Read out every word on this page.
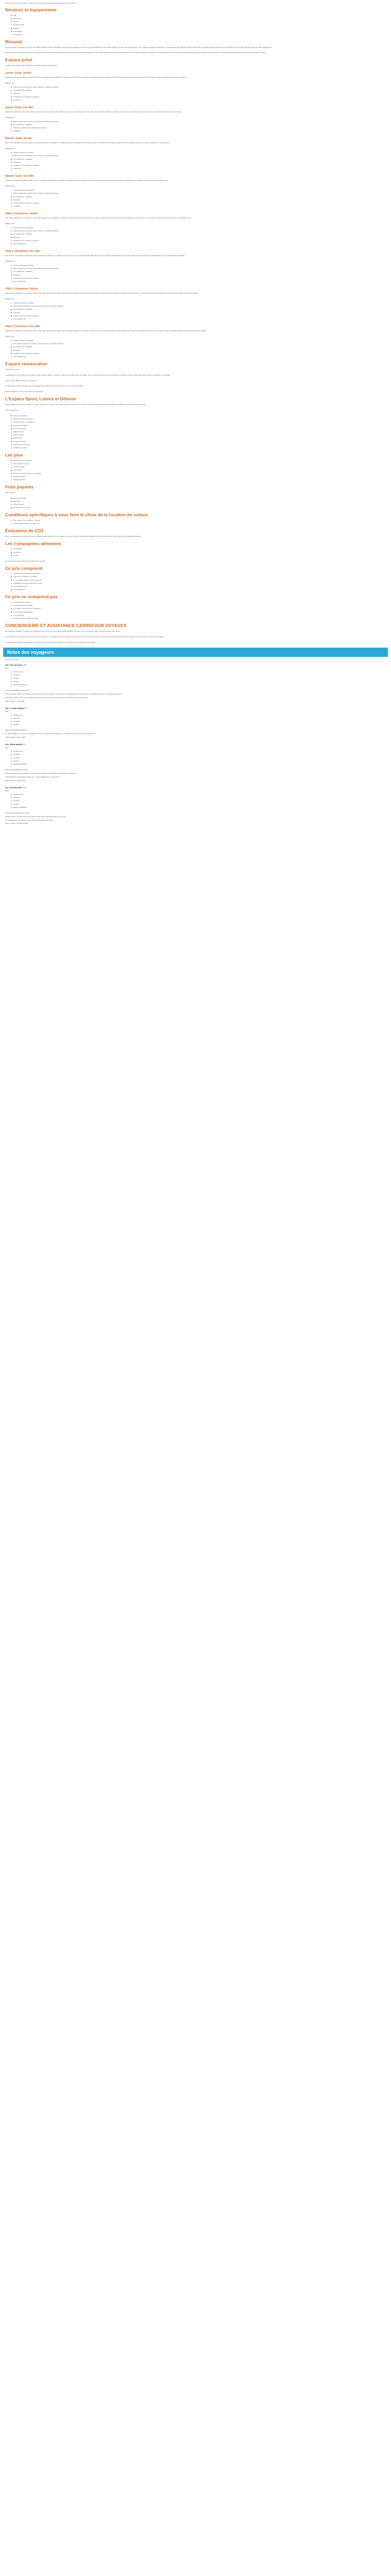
Description à la pour composé : Ce prix ne comprend pas Conciergerie Loge Carrefour des Il Soleil.

Services et équipements
Wifi
Restaurant
Piscine
Service de spa
Bateaux
Climatisation
Conciergerie
Résumé

Perché au cœur du superbe parc privé de la Baie d'Aranda, l'hôtel La Plantation jouit de la vue magnifique sur la mer et de l'authenticité. À son intimité relative à l'ombre des grands arbres, et les meilleures plages de Carrefour. L'aménagement des chambres et des suites offrent un espace simple, lumineux et un vrai confort pour de vraies vacances dans un cadre exceptionnel.

Perché au cœur du superbe parc privé de la Baie d'Aranda, l'hôtel La Plantation jouit de la vue sur la mer et de l'authenticité. À son intimité relative à l'ombre des grands arbres, et les meilleures plages de Carrefour. L'aménagement des chambres et des suites se distingue par un espace simple, lumineux et un cadre exceptionnel pour des vacances réussies en famille.

Espace privé

L'hôtel comprend 36 suites au total dont 12 Master Suites et 12 chambres.

Junior Suite Jardin

Spacieuse et lumineuse (45 m²), cette Junior Suite est parfaite pour 3 adultes et 1 enfant (-12 ans) avec son coin salon et sa grande terrasse ouverte sur le jardin tropical. Elle dispose d'un lit king size, d'une salle de bain avec baignoire et douche à l'italienne.

Équipements :

Salle de bain avec douche, sèche-cheveux et toilettes séparées
Air conditionné, ventilateur
Télévision
Coffre-fort, lits et planche à repasser
Canapé lit
Junior Suite Vue Mer

Idéalement située au cœur du parc (45 m²), cette Junior Suite vue Mer est parfaite pour une vue panoramique sur la mer. Elle peut accueillir 3 adultes et 1 enfant (-12 ans), elle est équipée d'un lit king size avec sa terrasse privative donnant sur la mer.

Équipements :

Salle de bain avec douche, sèche-cheveux et toilettes séparées
Air conditionné, ventilateur
Télévision, coffre-fort, lits et planche à repasser
Canapé lit
Master Suite Jardin

Avec 70 m² disposant d'un salon séparé, cette suite idéale pour 2 adultes et 2 enfants (-12 ans). Elle dispose d'une chambre avec un lit king size, d'un salon spacieux, et d'une terrasse ouverte sur le jardin tropical avec vue sur le parc.

Équipements :

Cuisine entièrement équipée
Salle de bain avec douche, sèche-cheveux et toilettes séparées
Air conditionné, ventilateur
Télévision
Coffre-fort, lits et planche à repasser
Canapé lit
Master Suite Vue Mer

Spacieuse et élégante, la Master Suite de 75 m² accueille confortablement 2 adultes et 2 enfants (-12 ans). Elle offre une vue panoramique sur la mer depuis sa terrasse privative. Elle est équipée d'un lit king size avec salle de bain.

Équipements :

Cuisine entièrement équipée
Salle de bain avec douche, sèche-cheveux et toilettes séparées
Air conditionné, ventilateur
Télévision
Coffre-fort, lits et planche à repasser
Canapé lit
Villa 2 Chambres Jardin

Avec 115 m² disposant de 2 chambres, cette villa est idéale pour 4 adultes et 2 enfants (-12 ans), grande terrasse ouverte sur le parc. La villa se compose d'une chambre principale avec lit king size, d'une deuxième chambre avec lits jumeaux et d'une salle de bain.

Équipements :

Cuisine entièrement équipée
Salle de bain avec douche, sèche-cheveux et toilettes séparées
Air conditionné, ventilateur
Télévision
Coffre-fort, lits et planche à repasser
Deux canapés lits
Villa 2 Chambres Vue Mer

Avec 115 m², cette villa de 2 chambres permet d'accueillir 4 adultes et 2 enfants (-12 ans) avec sa vue mer panoramique. Elle dispose d'une chambre principale avec lit king size, d'une seconde chambre avec lits jumeaux et d'une grande terrasse privative.

Équipements :

Cuisine entièrement équipée
Salle de bain avec douche, sèche-cheveux et toilettes séparées
Air conditionné, ventilateur
Télévision
Coffre-fort, lits et planche à repasser
Deux canapés lits
Villa 3 Chambres Jardin

Idéale pour les familles ou les groupes d'amis, cette Villa 3 Chambres de 155 m² peut accueillir 6 adultes et 2 enfants (-12 ans). Elle est composée d'une chambre principale avec lit king size, de deux chambres avec lits jumeaux et d'une grande terrasse ouverte sur le jardin.

Équipements :

Cuisine entièrement équipée
Trois salles de bains avec douche, sèche-cheveux et toilettes séparées
Air conditionné, ventilateur
Télévision
Coffre-fort, lits et planche à repasser
Trois canapés lits
Villa 3 Chambres Vue Mer

Idéale pour les familles ou les groupes d'amis, cette Villa 3 Chambres de 155 m² peut accueillir 6 adultes et 2 enfants (-12 ans) avec sa vue mer panoramique. Elle dispose d'une chambre principale avec lit king size, de deux chambres supplémentaires et d'une grande terrasse privative.

Équipements :

Cuisine entièrement équipée
Trois salles de bains avec douche, sèche-cheveux et toilettes séparées
Air conditionné, ventilateur
Télévision
Coffre-fort, lits et planche à repasser
Trois canapés lits
Espace restauration

"Restaurant Le Sud"

Le Restaurant Le Sud propose une cuisine créole moderne raffinée, mettant en valeur les produits frais et de qualité. Servi en terrasse avec une vue imprenable sur la baie, il offre un cadre idéal pour un dîner romantique ou en famille.

"Carte" "Midi" "Buffets" "Brunch" et "Snacks"

Le restaurant propose aussi des formules adaptées aux enfants ainsi qu'une sélection de vins du monde entier.

Ouvert à déjeuner et dîner, réservation recommandée.

L'Espace Sport, Loisirs et Détente

L'hôtel dispose d'une piscine extérieure ouverte, entourée de transats, d'un espace détente, d'un centre de remise en forme et d'un spa proposant une gamme complète de soins du corps et du visage.

Vous participerez :

Accès aux piscines
Parcelle de reconnaissance
Cours de yoga et méditation
Excursion en bateau
Cours de plongée
Planche à voile
Pêche au gros
Randonnée
Location de vélos
Découverte de la faune
Karaoké en soirée
Les plus
Baby-sitting sur demande
Club enfants (4-12 ans)
Jeux de société
Aire de jeux
Service de blanchisserie et de pressing
Navette aéroport
Transferts privés
Frais payants

Sont à prévoir :

Dépôt de garantie
Électricité
Taxe de séjour
Ménage de fin de séjour
Conditions spécifiques à vous faire le choix de la location de voiture
Âge minimum du conducteur : 21 ans
Permis valable depuis au moins 1 an
Émissions de CO2

Pour une réservation plus précise et pour connaître l'impact carbone de votre séjour, nous vous invitons à consulter la calculatrice d'empreinte carbone mise en ligne par Conciergerie Carrefour.

Les compagnies aériennes
Air Caraïbes
Air France
Corsair

Les vols peuvent être opérés avec escale selon la saison.

Ce prix comprend
Les vols aller-retour Paris / destination
L'accueil et l'assistance à l'arrivée
Les transferts aéroport / hôtel / aéroport
L'hébergement dans la catégorie choisie
Les taxes aéroport
Le petit-déjeuner
Ce prix ne comprend pas
Les assurances voyage
Les dépenses personnelles
Les repas et boissons non mentionnés
Les excursions facultatives
Les pourboires
La taxe de séjour à régler sur place
CONCIERGERIE ET ASSISTANCE CARREFOUR VOYAGES

En choisissant Carrefour Voyages, vous bénéficiez d'un service de conciergerie dédié disponible 7j/7 pour vous accompagner avant, pendant et après votre séjour.

Notre équipe de conseillers est à votre écoute pour organiser vos transferts, vos réservations de restaurants, vos excursions et toutes vos demandes particulières afin que votre séjour se déroule dans les meilleures conditions.

Les offres sont soumises à disponibilité au moment de la réservation. Prix à partir de, par personne, sur la base de 2 personnes.

Notes des voyageurs

Avis de nos clients

Avis : Très bon séjour 4,5/5

Note :

Emplacement
Chambre
Propreté
Service
Rapport qualité/prix

Posté le 24/03/2024 par Sophie D.

Très bon séjour, l'hôtel est magnifique et le personnel très accueillant. Les chambres sont spacieuses et bien équipées. Le restaurant propose une cuisine délicieuse.

Nous avons passé une semaine parfaite en famille, les enfants ont adoré le club. Je recommande vivement cet hôtel.

Date du séjour : mars 2024

Avis : Un cadre idyllique 5/5

Note :

Emplacement
Chambre
Propreté
Service

Posté le 12/02/2024 par Marc L.

Un cadre idyllique avec une vue magnifique sur la mer. La villa était parfaite pour notre famille. Le personnel est aux petits soins.

Date du séjour : février 2024

Avis : Séjour agréable 4/5

Note :

Emplacement
Chambre
Propreté
Service
Rapport qualité/prix

Posté le 05/01/2024 par Claire M.

Séjour agréable dans l'ensemble. Le personnel est souriant et disponible, les chambres sont propres.

Petit bémol sur le restaurant, un peu cher, mais la qualité est au rendez-vous.

Date du séjour : janvier 2024

Avis : Excellent hôtel 4,5/5

Note :

Emplacement
Chambre
Propreté
Service
Rapport qualité/prix

Posté le 18/12/2023 par Thomas B.

Excellent hôtel, très bien situé et très calme. Nous avons apprécié la piscine et le spa.

Le petit-déjeuner est copieux et varié. Nous reviendrons avec plaisir.

Date du séjour : décembre 2023
